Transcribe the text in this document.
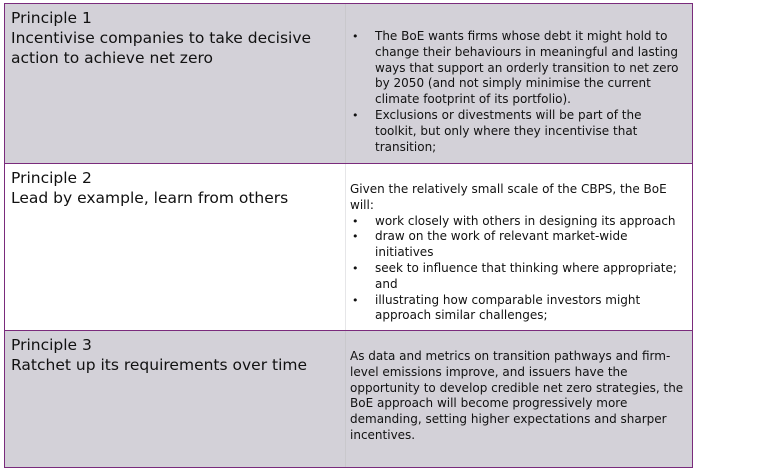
Principle 1
Incentivise companies to take decisive action to achieve net zero
• The BoE wants firms whose debt it might hold to change their behaviours in meaningful and lasting ways that support an orderly transition to net zero by 2050 (and not simply minimise the current climate footprint of its portfolio).
• Exclusions or divestments will be part of the toolkit, but only where they incentivise that transition;
Principle 2
Lead by example, learn from others	Given the relatively small scale of the CBPS, the BoE will:
• work closely with others in designing its approach
• draw on the work of relevant market-wide initiatives
• seek to influence that thinking where appropriate; and
• illustrating how comparable investors might approach similar challenges;
Principle 3
Ratchet up its requirements over time	As data and metrics on transition pathways and firm-level emissions improve, and issuers have the opportunity to develop credible net zero strategies, the BoE approach will become progressively more demanding, setting higher expectations and sharper incentives.
